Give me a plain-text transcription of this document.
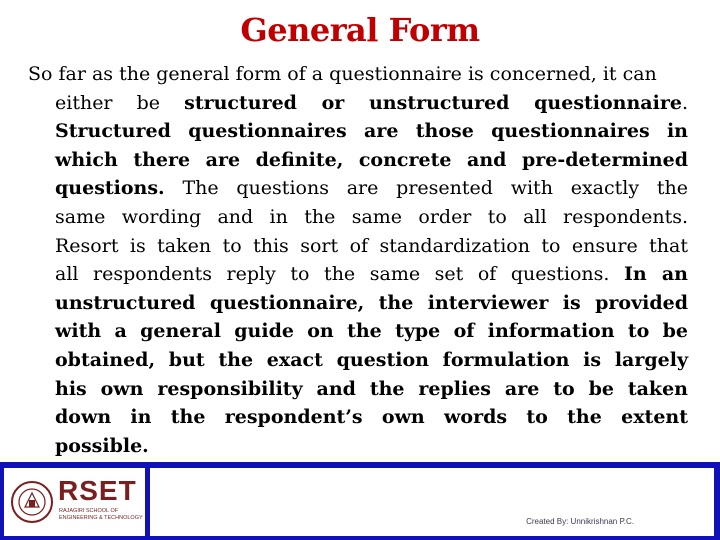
General Form
So far as the general form of a questionnaire is concerned, it can
either be structured or unstructured questionnaire.
Structured questionnaires are those questionnaires in
which there are definite, concrete and pre-determined
questions. The questions are presented with exactly the
same wording and in the same order to all respondents.
Resort is taken to this sort of standardization to ensure that
all respondents reply to the same set of questions. In an
unstructured questionnaire, the interviewer is provided
with a general guide on the type of information to be
obtained, but the exact question formulation is largely
his own responsibility and the replies are to be taken
down in the respondent’s own words to the extent
possible.
RSET
RAJAGIRI SCHOOL OF ENGINEERING & TECHNOLOGY	Created By: Unnikrishnan P.C.
